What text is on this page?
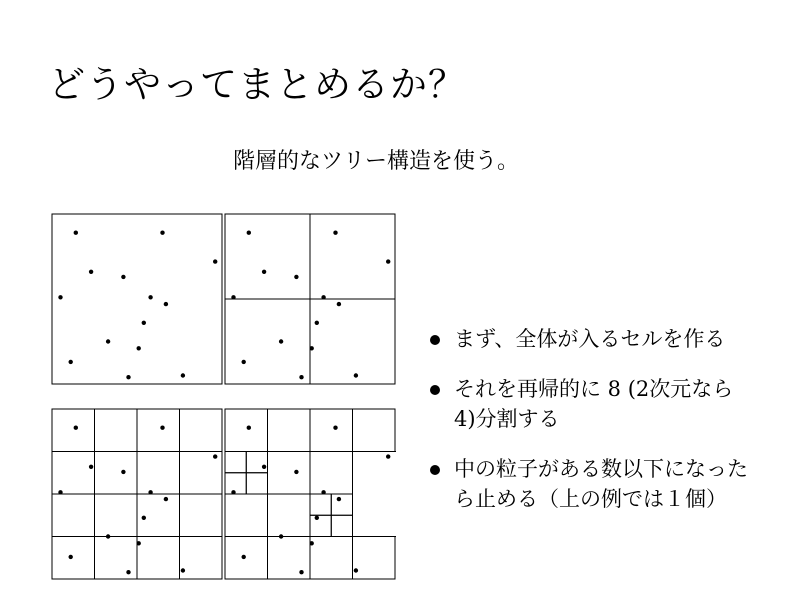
どうやってまとめるか？
階層的なツリー構造を使う。
まず、全体が入るセルを作る
それを再帰的に 8 (2次元なら4)分割する
中の粒子がある数以下になったら止める（上の例では１個）
